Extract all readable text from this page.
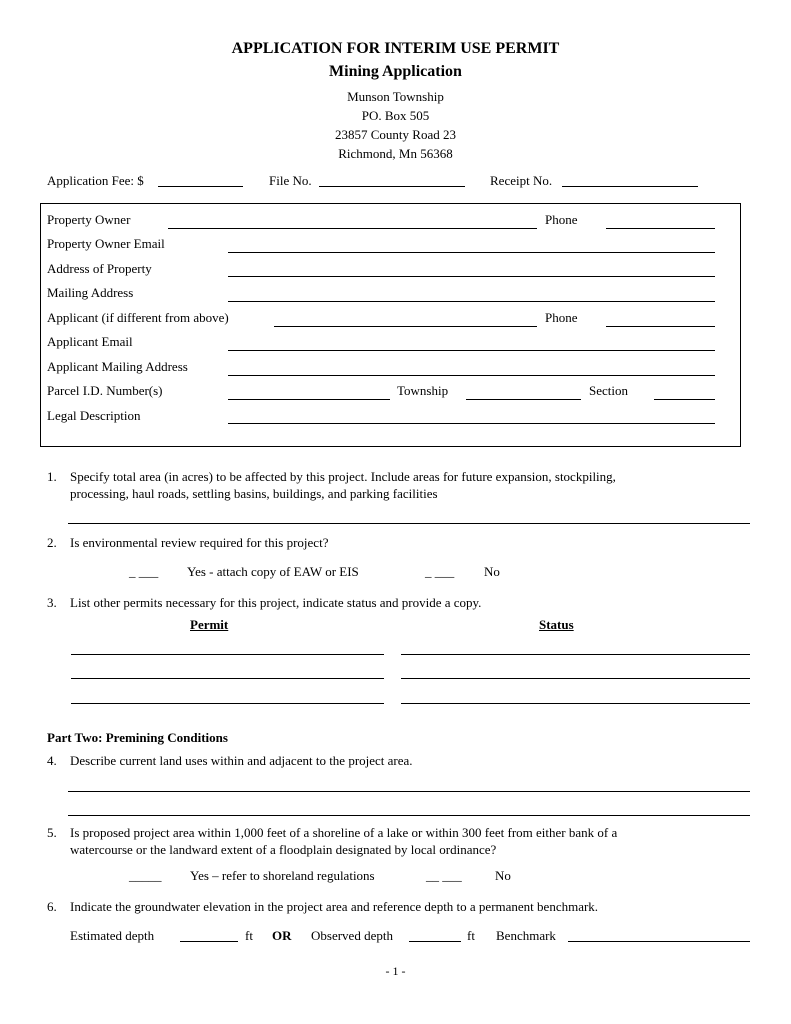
APPLICATION FOR INTERIM USE PERMIT
Mining Application
Munson Township
PO. Box 505
23857 County Road 23
Richmond, Mn 56368
Application Fee: $	File No.	Receipt No.
Property Owner	Phone
Property Owner Email
Address of Property
Mailing Address
Applicant (if different from above)	Phone
Applicant Email
Applicant Mailing Address
Parcel I.D. Number(s)	Township	Section
Legal Description
1. Specify total area (in acres) to be affected by this project. Include areas for future expansion, stockpiling,
processing, haul roads, settling basins, buildings, and parking facilities
2. Is environmental review required for this project?
_ ___ Yes - attach copy of EAW or EIS	_ ___ No
3. List other permits necessary for this project, indicate status and provide a copy.
Permit	Status
Part Two: Premining Conditions
4. Describe current land uses within and adjacent to the project area.
5. Is proposed project area within 1,000 feet of a shoreline of a lake or within 300 feet from either bank of a
watercourse or the landward extent of a floodplain designated by local ordinance?
_____ Yes – refer to shoreland regulations	__ ___	No
6. Indicate the groundwater elevation in the project area and reference depth to a permanent benchmark.
Estimated depth	ft OR Observed depth	ft Benchmark
- 1 -
